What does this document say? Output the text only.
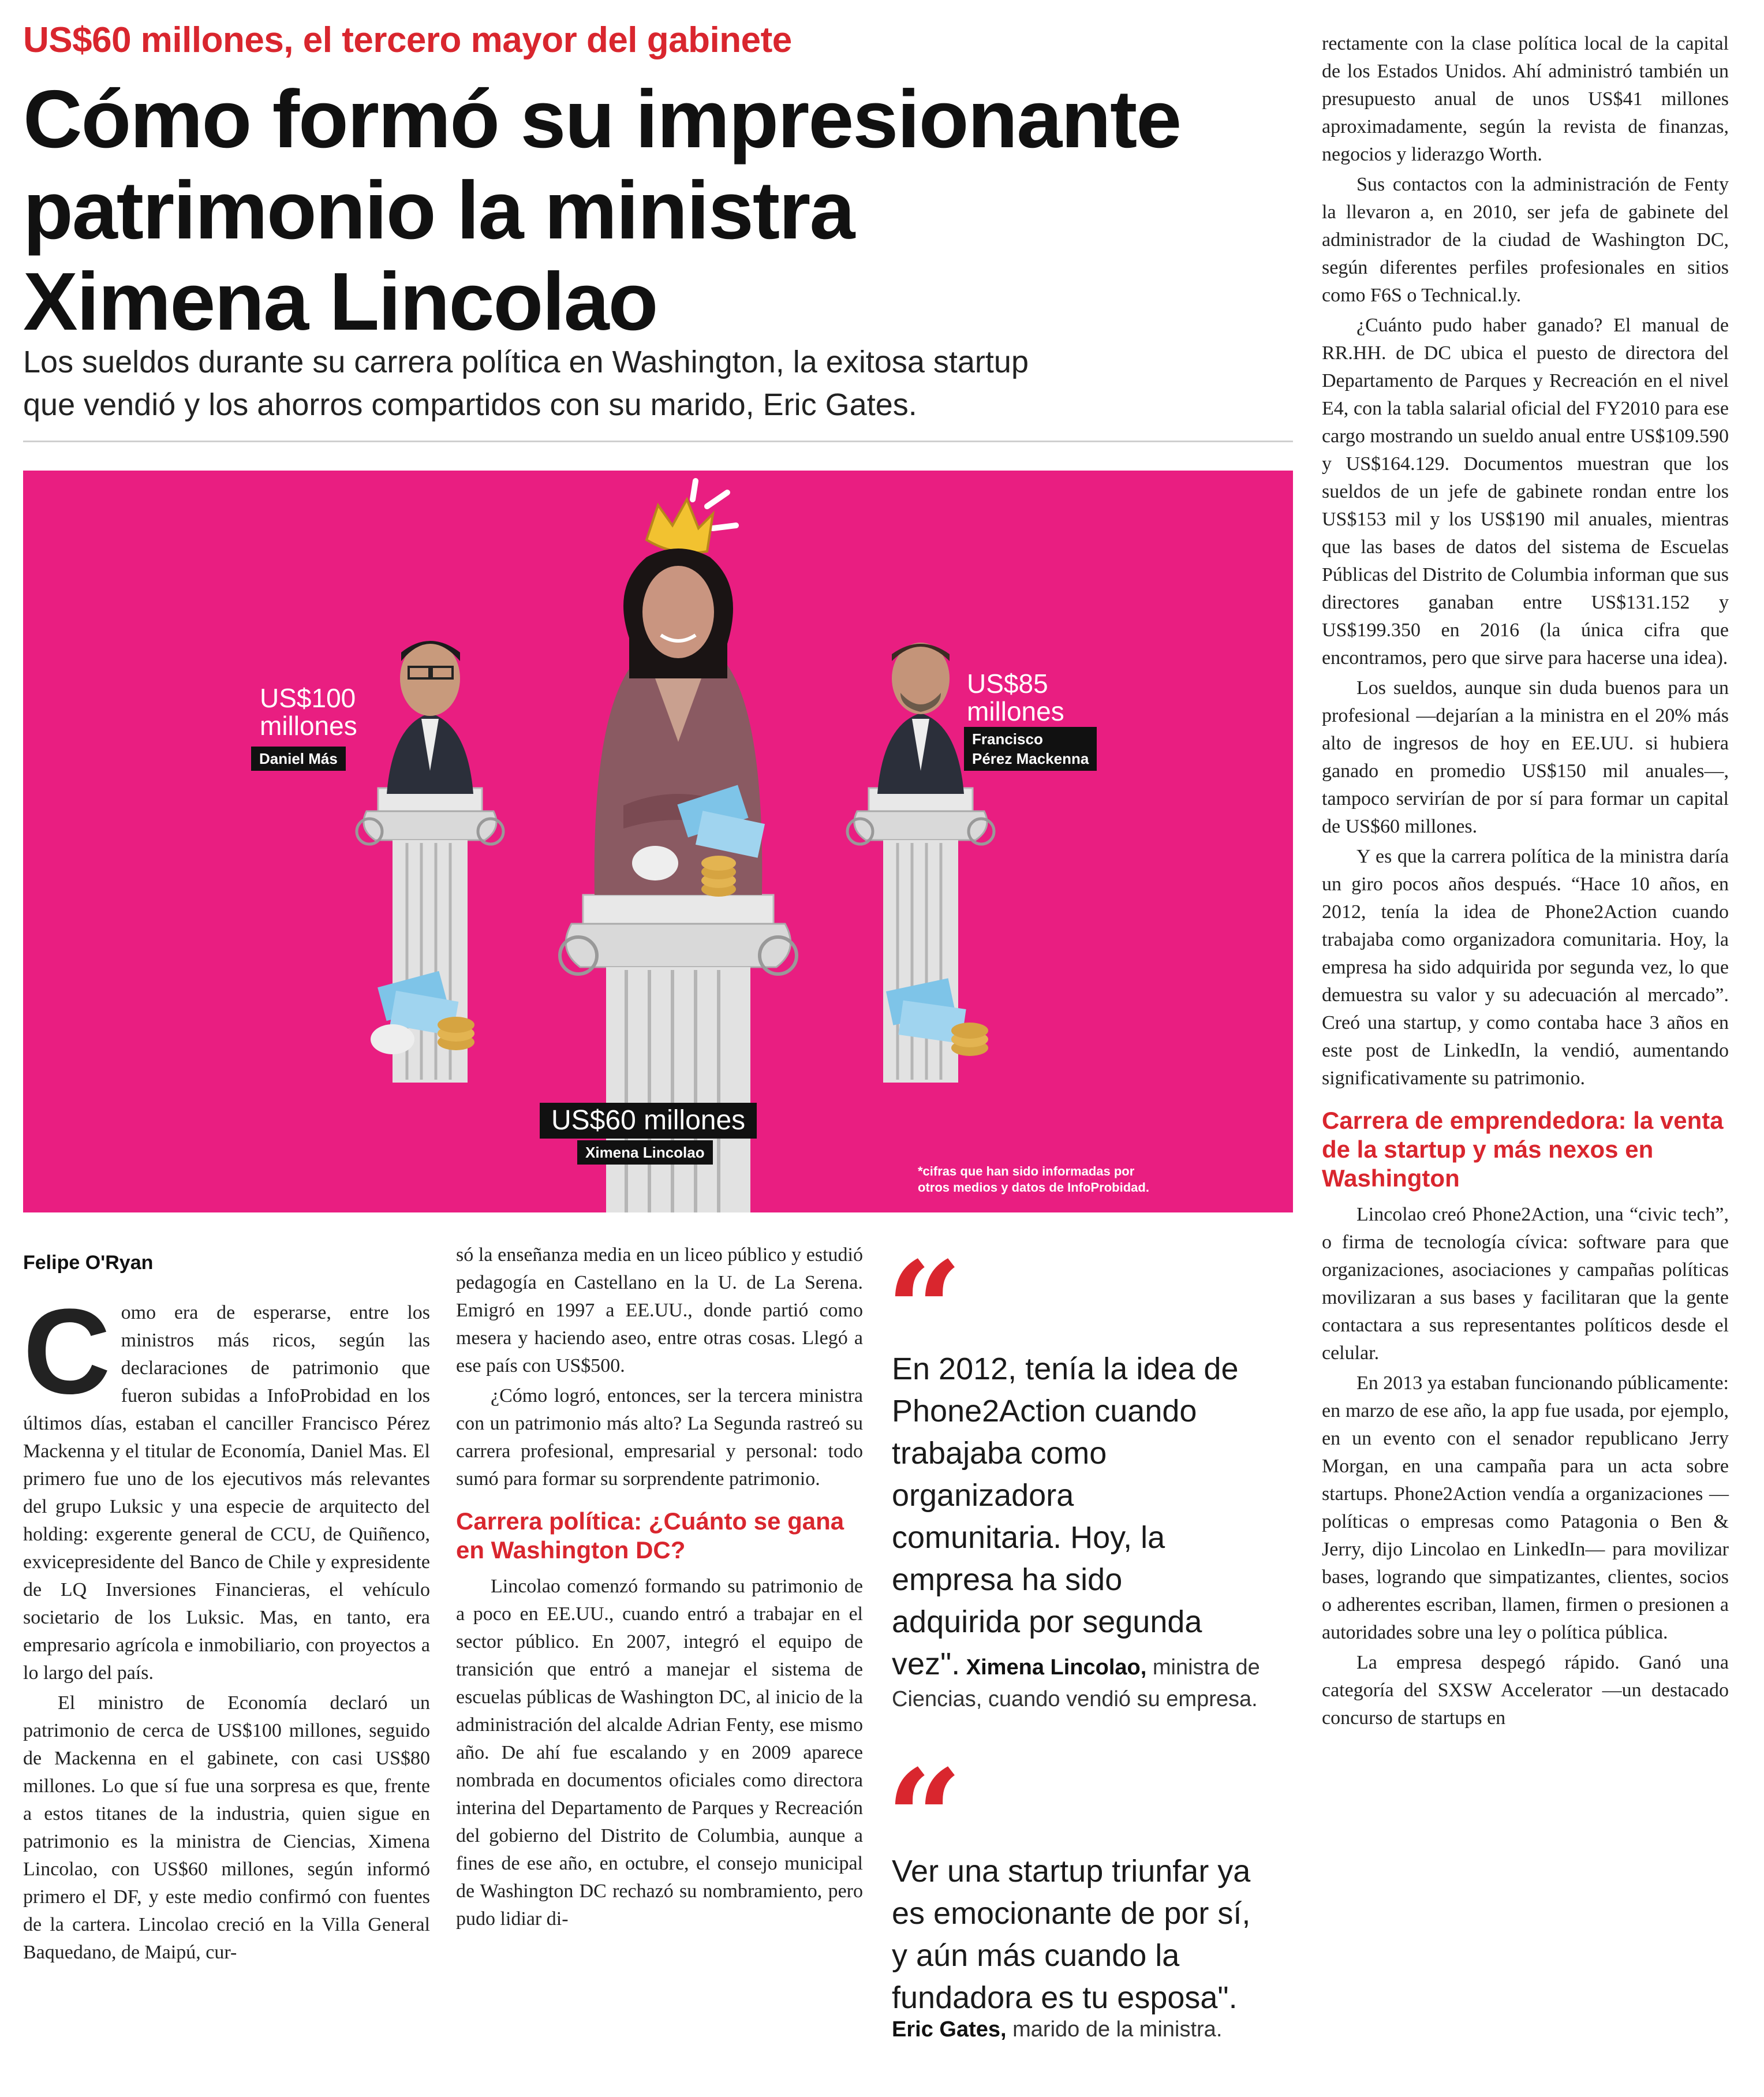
US$60 millones, el tercero mayor del gabinete
Cómo formó su impresionante
patrimonio la ministra
Ximena Lincolao

Los sueldos durante su carrera política en Washington, la exitosa startup
que vendió y los ahorros compartidos con su marido, Eric Gates.

US$100
millones
Daniel Más
US$85
millones
Francisco
Pérez Mackenna
US$60 millones
Ximena Lincolao
*cifras que han sido informadas por
otros medios y datos de InfoProbidad.
Felipe O'Ryan

Como era de esperarse, entre los ministros más ricos, según las declaraciones de patrimonio que fueron subidas a InfoProbidad en los últimos días, estaban el canciller Francisco Pérez Mackenna y el titular de Economía, Daniel Mas. El primero fue uno de los ejecutivos más relevantes del grupo Luksic y una especie de arquitecto del holding: exgerente general de CCU, de Quiñenco, exvicepresidente del Banco de Chile y expresidente de LQ Inversiones Financieras, el vehículo societario de los Luksic. Mas, en tanto, era empresario agrícola e inmobiliario, con proyectos a lo largo del país.

El ministro de Economía declaró un patrimonio de cerca de US$100 millones, seguido de Mackenna en el gabinete, con casi US$80 millones. Lo que sí fue una sorpresa es que, frente a estos titanes de la industria, quien sigue en patrimonio es la ministra de Ciencias, Ximena Lincolao, con US$60 millones, según informó primero el DF, y este medio confirmó con fuentes de la cartera. Lincolao creció en la Villa General Baquedano, de Maipú, cur-

só la enseñanza media en un liceo público y estudió pedagogía en Castellano en la U. de La Serena. Emigró en 1997 a EE.UU., donde partió como mesera y haciendo aseo, entre otras cosas. Llegó a ese país con US$500.

¿Cómo logró, entonces, ser la tercera ministra con un patrimonio más alto? La Segunda rastreó su carrera profesional, empresarial y personal: todo sumó para formar su sorprendente patrimonio.

Carrera política: ¿Cuánto se gana en Washington DC?

Lincolao comenzó formando su patrimonio de a poco en EE.UU., cuando entró a trabajar en el sector público. En 2007, integró el equipo de transición que entró a manejar el sistema de escuelas públicas de Washington DC, al inicio de la administración del alcalde Adrian Fenty, ese mismo año. De ahí fue escalando y en 2009 aparece nombrada en documentos oficiales como directora interina del Departamento de Parques y Recreación del gobierno del Distrito de Columbia, aunque a fines de ese año, en octubre, el consejo municipal de Washington DC rechazó su nombramiento, pero pudo lidiar di-

“
En 2012, tenía la idea de
Phone2Action cuando
trabajaba como
organizadora
comunitaria. Hoy, la
empresa ha sido
adquirida por segunda
vez". Ximena Lincolao, ministra de
Ciencias, cuando vendió su empresa.
“
Ver una startup triunfar ya
es emocionante de por sí,
y aún más cuando la
fundadora es tu esposa".
Eric Gates, marido de la ministra.

rectamente con la clase política local de la capital de los Estados Unidos. Ahí administró también un presupuesto anual de unos US$41 millones aproximadamente, según la revista de finanzas, negocios y liderazgo Worth.

Sus contactos con la administración de Fenty la llevaron a, en 2010, ser jefa de gabinete del administrador de la ciudad de Washington DC, según diferentes perfiles profesionales en sitios como F6S o Technical.ly.

¿Cuánto pudo haber ganado? El manual de RR.HH. de DC ubica el puesto de directora del Departamento de Parques y Recreación en el nivel E4, con la tabla salarial oficial del FY2010 para ese cargo mostrando un sueldo anual entre US$109.590 y US$164.129. Documentos muestran que los sueldos de un jefe de gabinete rondan entre los US$153 mil y los US$190 mil anuales, mientras que las bases de datos del sistema de Escuelas Públicas del Distrito de Columbia informan que sus directores ganaban entre US$131.152 y US$199.350 en 2016 (la única cifra que encontramos, pero que sirve para hacerse una idea).

Los sueldos, aunque sin duda buenos para un profesional —dejarían a la ministra en el 20% más alto de ingresos de hoy en EE.UU. si hubiera ganado en promedio US$150 mil anuales—, tampoco servirían de por sí para formar un capital de US$60 millones.

Y es que la carrera política de la ministra daría un giro pocos años después. “Hace 10 años, en 2012, tenía la idea de Phone2Action cuando trabajaba como organizadora comunitaria. Hoy, la empresa ha sido adquirida por segunda vez, lo que demuestra su valor y su adecuación al mercado”. Creó una startup, y como contaba hace 3 años en este post de LinkedIn, la vendió, aumentando significativamente su patrimonio.

Carrera de emprendedora: la venta de la startup y más nexos en Washington

Lincolao creó Phone2Action, una “civic tech”, o firma de tecnología cívica: software para que organizaciones, asociaciones y campañas políticas movilizaran a sus bases y facilitaran que la gente contactara a sus representantes políticos desde el celular.

En 2013 ya estaban funcionando públicamente: en marzo de ese año, la app fue usada, por ejemplo, en un evento con el senador republicano Jerry Morgan, en una campaña para un acta sobre startups. Phone2Action vendía a organizaciones —políticas o empresas como Patagonia o Ben & Jerry, dijo Lincolao en LinkedIn— para movilizar bases, logrando que simpatizantes, clientes, socios o adherentes escriban, llamen, firmen o presionen a autoridades sobre una ley o política pública.

La empresa despegó rápido. Ganó una categoría del SXSW Accelerator —un destacado concurso de startups en
